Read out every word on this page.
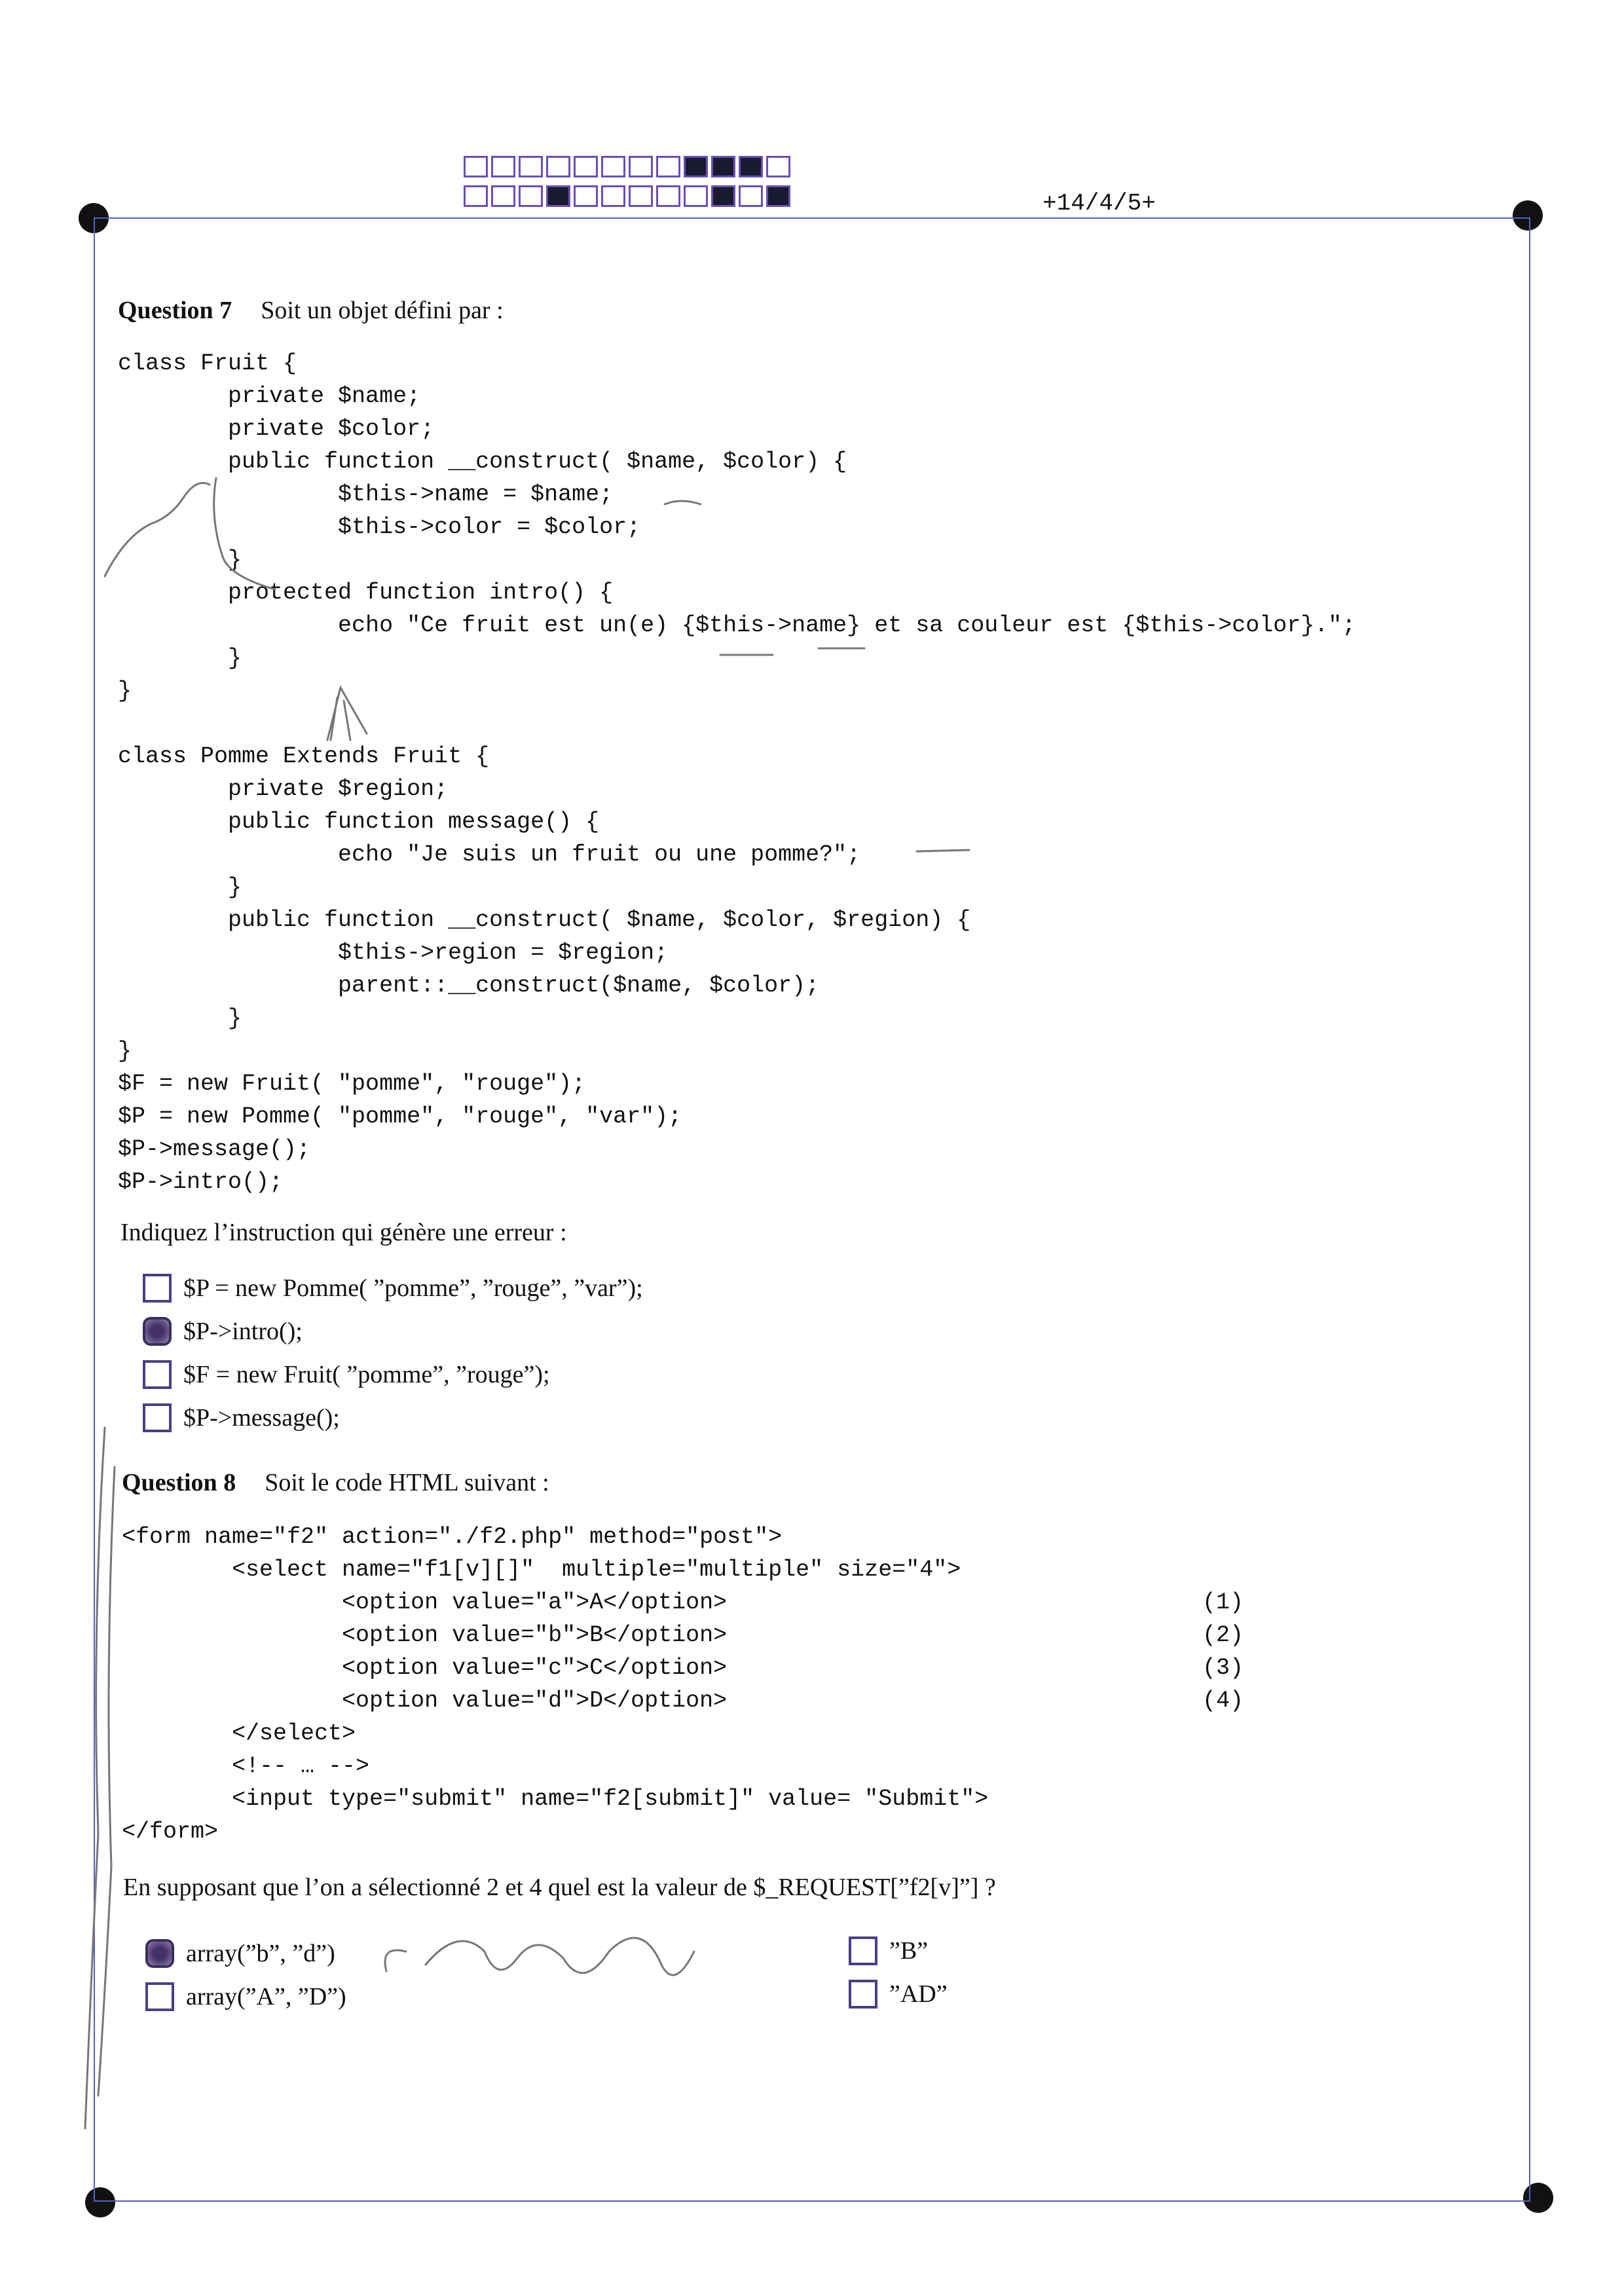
+14/4/5+
Question 7 Soit un objet défini par :
class Fruit {
private $name;
private $color;
public function __construct( $name, $color) {
$this->name = $name;
$this->color = $color;
}
protected function intro() {
echo "Ce fruit est un(e) {$this->name} et sa couleur est {$this->color}.";
}
}

class Pomme Extends Fruit {
private $region;
public function message() {
echo "Je suis un fruit ou une pomme?";
}
public function __construct( $name, $color, $region) {
$this->region = $region;
parent::__construct($name, $color);
}
}
$F = new Fruit( "pomme", "rouge");
$P = new Pomme( "pomme", "rouge", "var");
$P->message();
$P->intro();
Indiquez l’instruction qui génère une erreur :
$P = new Pomme( ”pomme”, ”rouge”, ”var”);
$P->intro();
$F = new Fruit( ”pomme”, ”rouge”);
$P->message();
Question 8 Soit le code HTML suivant :
<form name="f2" action="./f2.php" method="post">
<select name="f1[v][]"  multiple="multiple" size="4">
<option value="a">A</option>
<option value="b">B</option>
<option value="c">C</option>
<option value="d">D</option>
</select>
<!-- … -->
<input type="submit" name="f2[submit]" value= "Submit">
</form>
(1)
(2)
(3)
(4)
En supposant que l’on a sélectionné 2 et 4 quel est la valeur de $_REQUEST[”f2[v]”] ?
array(”b”, ”d”)
array(”A”, ”D”)
”B”
”AD”
